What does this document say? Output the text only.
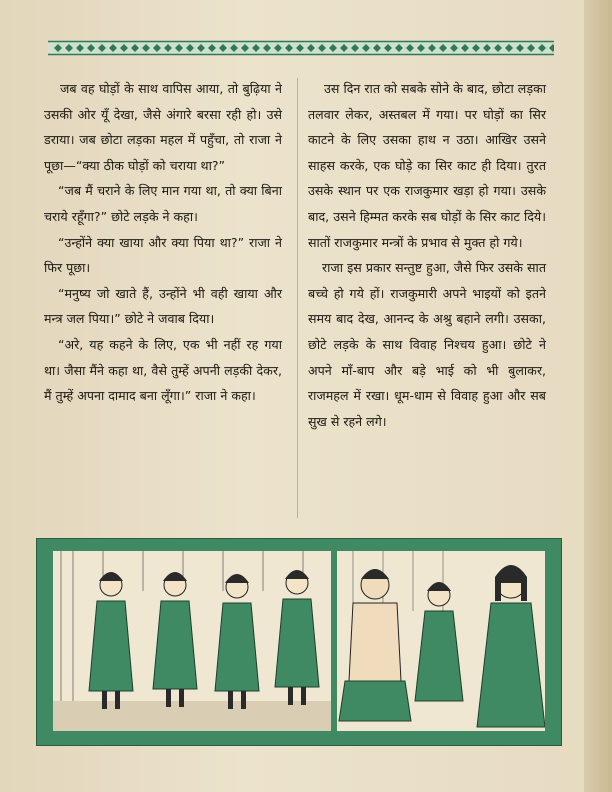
जब वह घोड़ों के साथ वापिस आया, तो बुढ़िया ने उसकी ओर यूँ देखा, जैसे अंगारे बरसा रही हो। उसे डराया। जब छोटा लड़का महल में पहुँचा, तो राजा ने पूछा—“क्या ठीक घोड़ों को चराया था?”

“जब मैं चराने के लिए मान गया था, तो क्या बिना चराये रहूँगा?” छोटे लड़के ने कहा।

“उन्होंने क्या खाया और क्या पिया था?” राजा ने फिर पूछा।

“मनुष्य जो खाते हैं, उन्होंने भी वही खाया और मन्त्र जल पिया।” छोटे ने जवाब दिया।

“अरे, यह कहने के लिए, एक भी नहीं रह गया था। जैसा मैंने कहा था, वैसे तुम्हें अपनी लड़की देकर, मैं तुम्हें अपना दामाद बना लूँगा।” राजा ने कहा।

उस दिन रात को सबके सोने के बाद, छोटा लड़का तलवार लेकर, अस्तबल में गया। पर घोड़ों का सिर काटने के लिए उसका हाथ न उठा। आखिर उसने साहस करके, एक घोड़े का सिर काट ही दिया। तुरत उसके स्थान पर एक राजकुमार खड़ा हो गया। उसके बाद, उसने हिम्मत करके सब घोड़ों के सिर काट दिये। सातों राजकुमार मन्त्रों के प्रभाव से मुक्त हो गये।

राजा इस प्रकार सन्तुष्ट हुआ, जैसे फिर उसके सात बच्चे हो गये हों। राजकुमारी अपने भाइयों को इतने समय बाद देख, आनन्द के अश्रु बहाने लगी। उसका, छोटे लड़के के साथ विवाह निश्चय हुआ। छोटे ने अपने माँ-बाप और बड़े भाई को भी बुलाकर, राजमहल में रखा। धूम-धाम से विवाह हुआ और सब सुख से रहने लगे।
